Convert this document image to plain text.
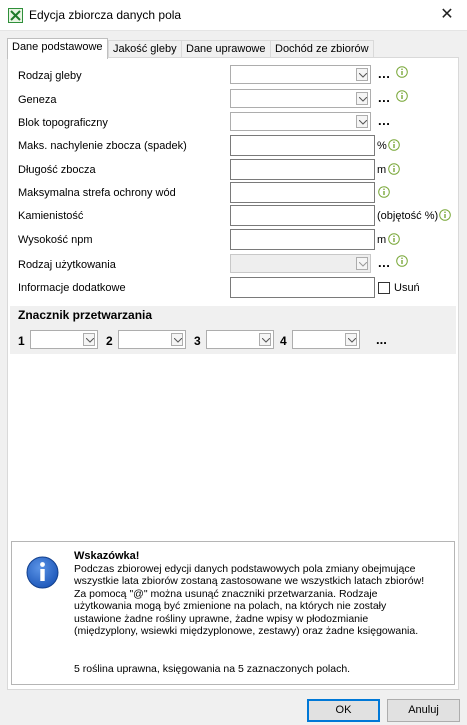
Edycja zbiorcza danych pola	✕
Dane podstawowe Jakość gleby Dane uprawowe Dochód ze zbiorów
Rodzaj gleby	...
Geneza	...
Blok topograficzny	...
Maks. nachylenie zbocza (spadek)	%
Długość zbocza	m
Maksymalna strefa ochrony wód
Kamienistość	(objętość %)
Wysokość npm	m
Rodzaj użytkowania	...
Informacje dodatkowe	Usuń
Znacznik przetwarzania
1	2	3	4	...
Wskazówka!
Podczas zbiorowej edycji danych podstawowych pola zmiany obejmujące wszystkie lata zbiorów zostaną zastosowane we wszystkich latach zbiorów! Za pomocą "@" można usunąć znaczniki przetwarzania. Rodzaje użytkowania mogą być zmienione na polach, na których nie zostały ustawione żadne rośliny uprawne, żadne wpisy w płodozmianie (międzyplony, wsiewki międzyplonowe, zestawy) oraz żadne księgowania.
5 roślina uprawna, księgowania na 5 zaznaczonych polach.
OK	Anuluj
